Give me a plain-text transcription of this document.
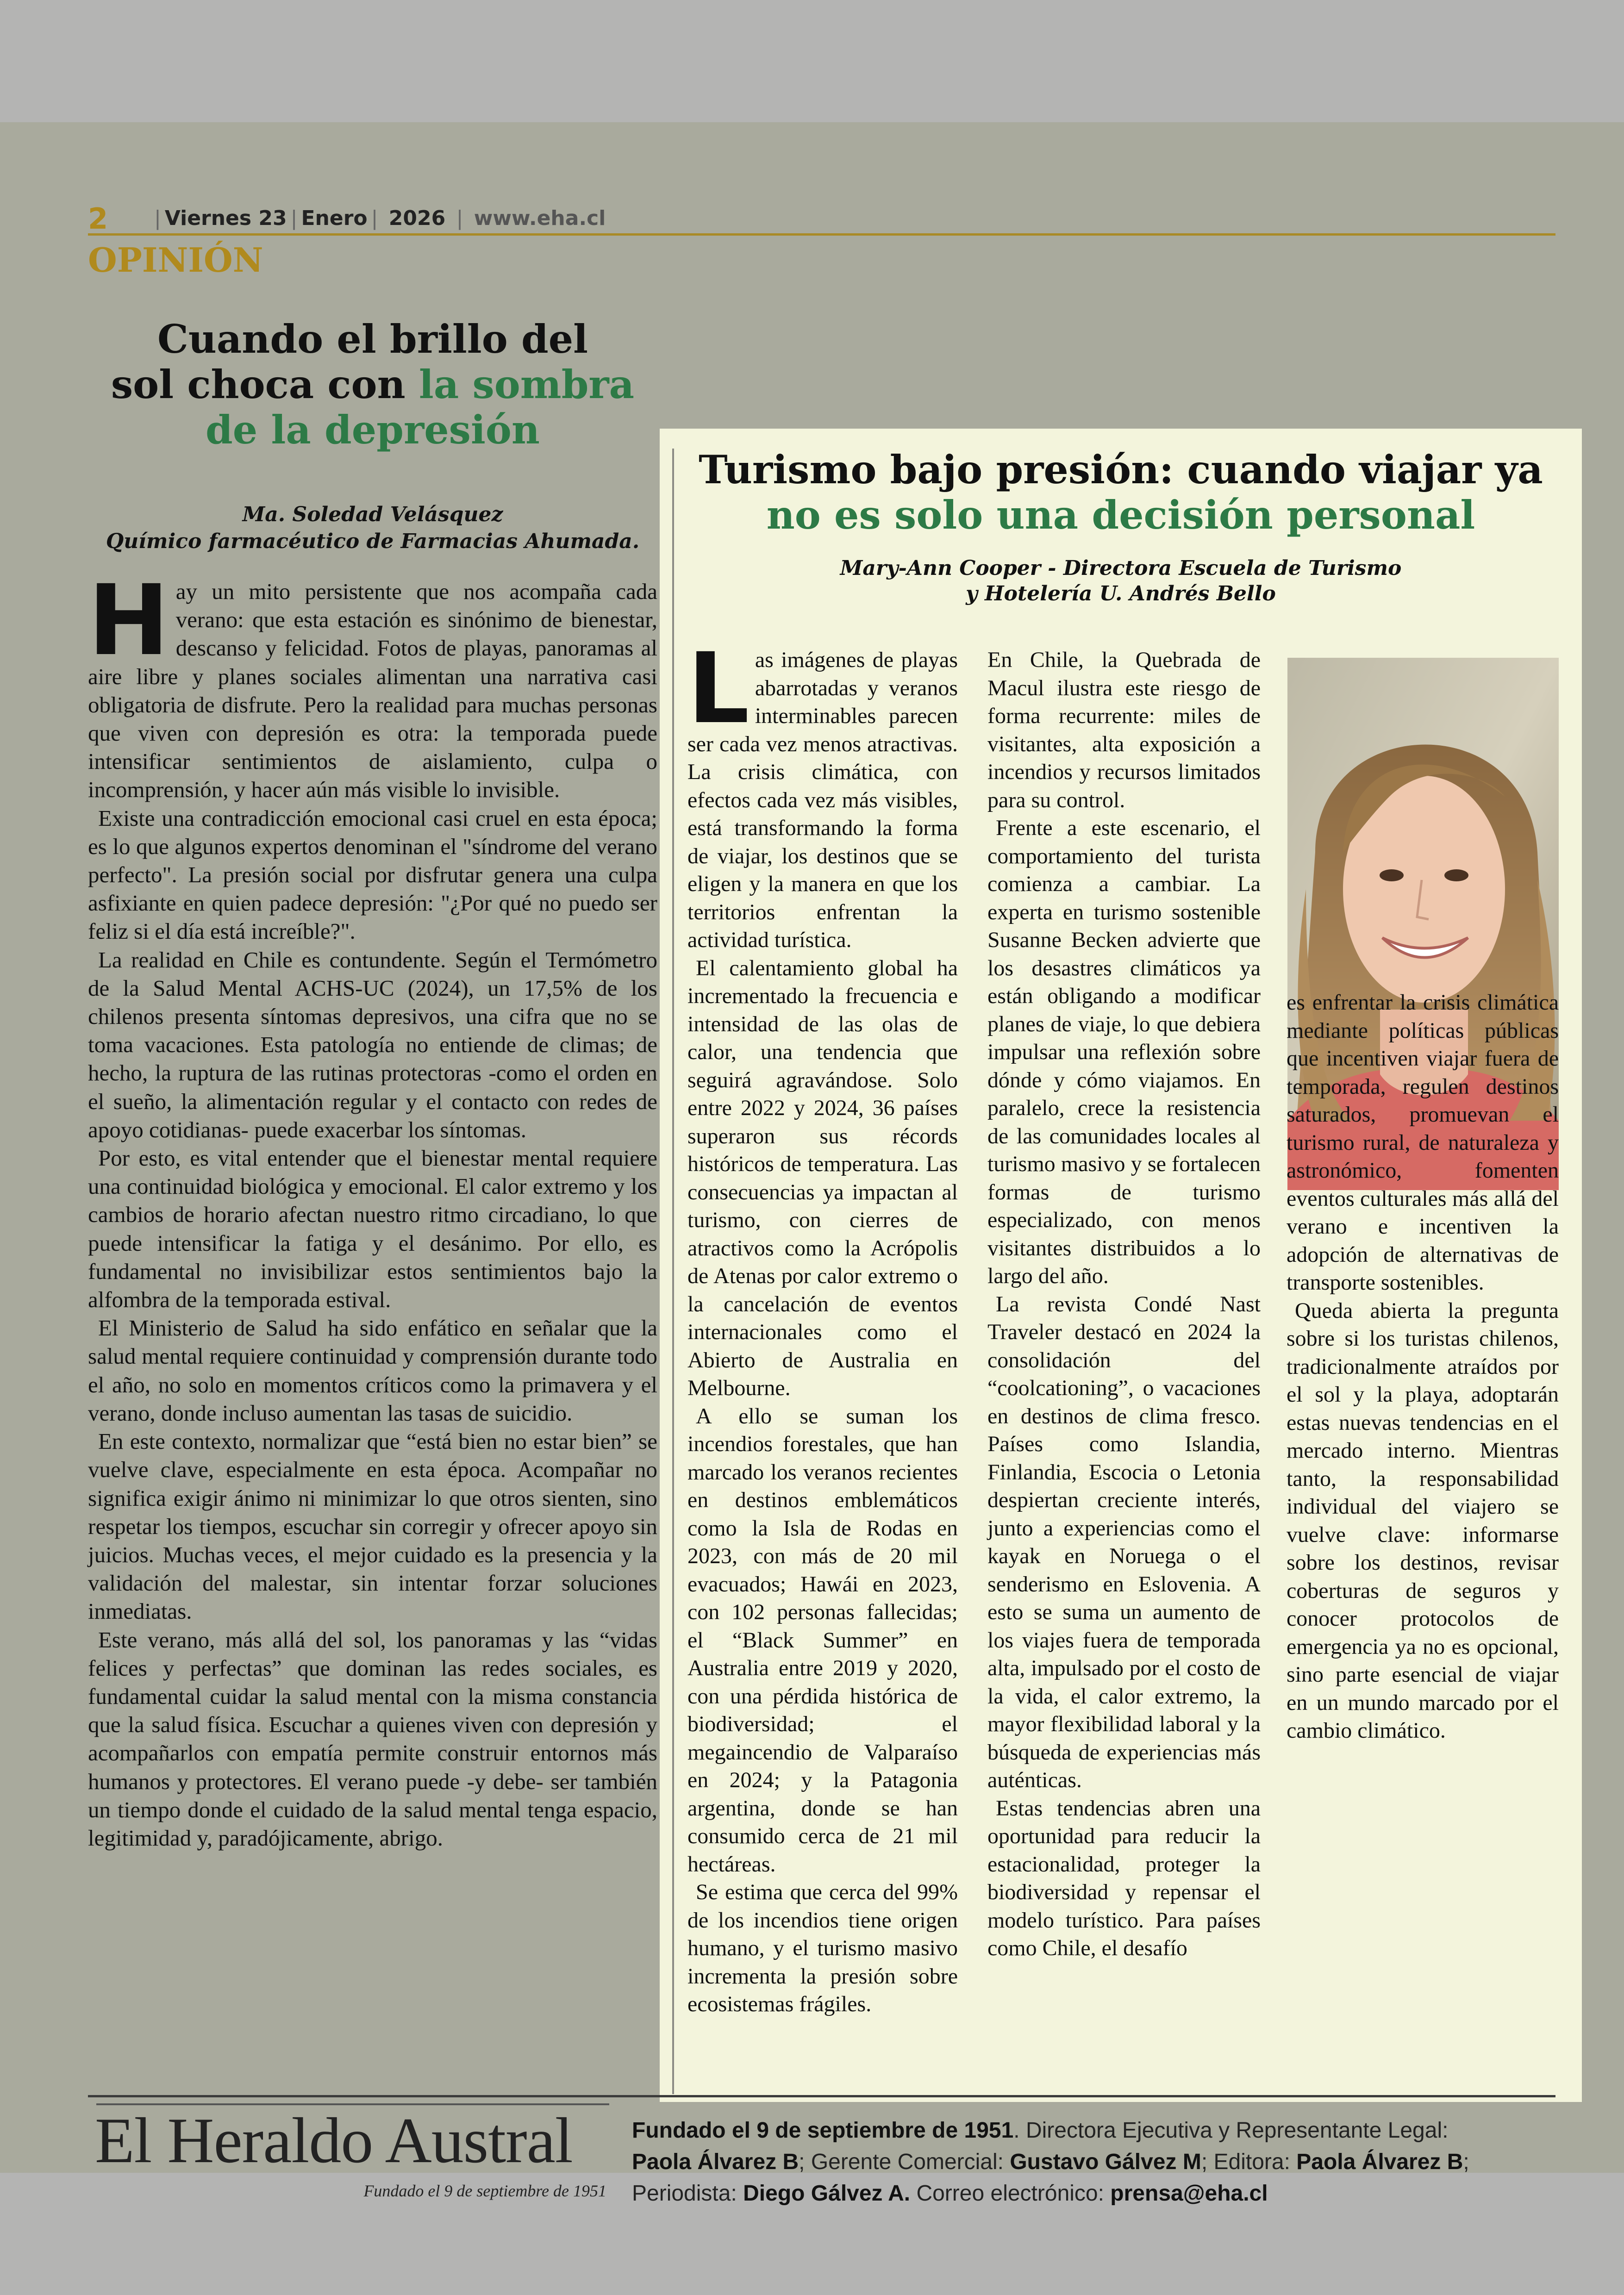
2 | Viernes 23 | Enero | 2026 | www.eha.cl
OPINIÓN
Cuando el brillo del
sol choca con la sombra
de la depresión
Ma. Soledad Velásquez
Químico farmacéutico de Farmacias Ahumada.

Hay un mito persistente que nos acompaña cada verano: que esta estación es sinónimo de bienestar, descanso y felicidad. Fotos de playas, panoramas al aire libre y planes sociales alimentan una narrativa casi obligatoria de disfrute. Pero la realidad para muchas personas que viven con depresión es otra: la temporada puede intensificar sentimientos de aislamiento, culpa o incomprensión, y hacer aún más visible lo invisible.

Existe una contradicción emocional casi cruel en esta época; es lo que algunos expertos denominan el "síndrome del verano perfecto". La presión social por disfrutar genera una culpa asfixiante en quien padece depresión: "¿Por qué no puedo ser feliz si el día está increíble?".

La realidad en Chile es contundente. Según el Termómetro de la Salud Mental ACHS-UC (2024), un 17,5% de los chilenos presenta síntomas depresivos, una cifra que no se toma vacaciones. Esta patología no entiende de climas; de hecho, la ruptura de las rutinas protectoras -como el orden en el sueño, la alimentación regular y el contacto con redes de apoyo cotidianas- puede exacerbar los síntomas.

Por esto, es vital entender que el bienestar mental requiere una continuidad biológica y emocional. El calor extremo y los cambios de horario afectan nuestro ritmo circadiano, lo que puede intensificar la fatiga y el desánimo. Por ello, es fundamental no invisibilizar estos sentimientos bajo la alfombra de la temporada estival.

El Ministerio de Salud ha sido enfático en señalar que la salud mental requiere continuidad y comprensión durante todo el año, no solo en momentos críticos como la primavera y el verano, donde incluso aumentan las tasas de suicidio.

En este contexto, normalizar que “está bien no estar bien” se vuelve clave, especialmente en esta época. Acompañar no significa exigir ánimo ni minimizar lo que otros sienten, sino respetar los tiempos, escuchar sin corregir y ofrecer apoyo sin juicios. Muchas veces, el mejor cuidado es la presencia y la validación del malestar, sin intentar forzar soluciones inmediatas.

Este verano, más allá del sol, los panoramas y las “vidas felices y perfectas” que dominan las redes sociales, es fundamental cuidar la salud mental con la misma constancia que la salud física. Escuchar a quienes viven con depresión y acompañarlos con empatía permite construir entornos más humanos y protectores. El verano puede -y debe- ser también un tiempo donde el cuidado de la salud mental tenga espacio, legitimidad y, paradójicamente, abrigo.

Turismo bajo presión: cuando viajar ya
no es solo una decisión personal
Mary-Ann Cooper - Directora Escuela de Turismo
y Hotelería U. Andrés Bello

Las imágenes de playas abarrotadas y veranos interminables parecen ser cada vez menos atractivas. La crisis climática, con efectos cada vez más visibles, está transformando la forma de viajar, los destinos que se eligen y la manera en que los territorios enfrentan la actividad turística.

El calentamiento global ha incrementado la frecuencia e intensidad de las olas de calor, una tendencia que seguirá agravándose. Solo entre 2022 y 2024, 36 países superaron sus récords históricos de temperatura. Las consecuencias ya impactan al turismo, con cierres de atractivos como la Acrópolis de Atenas por calor extremo o la cancelación de eventos internacionales como el Abierto de Australia en Melbourne.

A ello se suman los incendios forestales, que han marcado los veranos recientes en destinos emblemáticos como la Isla de Rodas en 2023, con más de 20 mil evacuados; Hawái en 2023, con 102 personas fallecidas; el “Black Summer” en Australia entre 2019 y 2020, con una pérdida histórica de biodiversidad; el megaincendio de Valparaíso en 2024; y la Patagonia argentina, donde se han consumido cerca de 21 mil hectáreas.

Se estima que cerca del 99% de los incendios tiene origen humano, y el turismo masivo incrementa la presión sobre ecosistemas frágiles.

En Chile, la Quebrada de Macul ilustra este riesgo de forma recurrente: miles de visitantes, alta exposición a incendios y recursos limitados para su control.

Frente a este escenario, el comportamiento del turista comienza a cambiar. La experta en turismo sostenible Susanne Becken advierte que los desastres climáticos ya están obligando a modificar planes de viaje, lo que debiera impulsar una reflexión sobre dónde y cómo viajamos. En paralelo, crece la resistencia de las comunidades locales al turismo masivo y se fortalecen formas de turismo especializado, con menos visitantes distribuidos a lo largo del año.

La revista Condé Nast Traveler destacó en 2024 la consolidación del “coolcationing”, o vacaciones en destinos de clima fresco. Países como Islandia, Finlandia, Escocia o Letonia despiertan creciente interés, junto a experiencias como el kayak en Noruega o el senderismo en Eslovenia. A esto se suma un aumento de los viajes fuera de temporada alta, impulsado por el costo de la vida, el calor extremo, la mayor flexibilidad laboral y la búsqueda de experiencias más auténticas.

Estas tendencias abren una oportunidad para reducir la estacionalidad, proteger la biodiversidad y repensar el modelo turístico. Para países como Chile, el desafío

es enfrentar la crisis climática mediante políticas públicas que incentiven viajar fuera de temporada, regulen destinos saturados, promuevan el turismo rural, de naturaleza y astronómico, fomenten eventos culturales más allá del verano e incentiven la adopción de alternativas de transporte sostenibles.

Queda abierta la pregunta sobre si los turistas chilenos, tradicionalmente atraídos por el sol y la playa, adoptarán estas nuevas tendencias en el mercado interno. Mientras tanto, la responsabilidad individual del viajero se vuelve clave: informarse sobre los destinos, revisar coberturas de seguros y conocer protocolos de emergencia ya no es opcional, sino parte esencial de viajar en un mundo marcado por el cambio climático.

El Heraldo Austral
Fundado el 9 de septiembre de 1951
Fundado el 9 de septiembre de 1951. Directora Ejecutiva y Representante Legal:
Paola Álvarez B; Gerente Comercial: Gustavo Gálvez M; Editora: Paola Álvarez B;
Periodista: Diego Gálvez A. Correo electrónico: prensa@eha.cl
